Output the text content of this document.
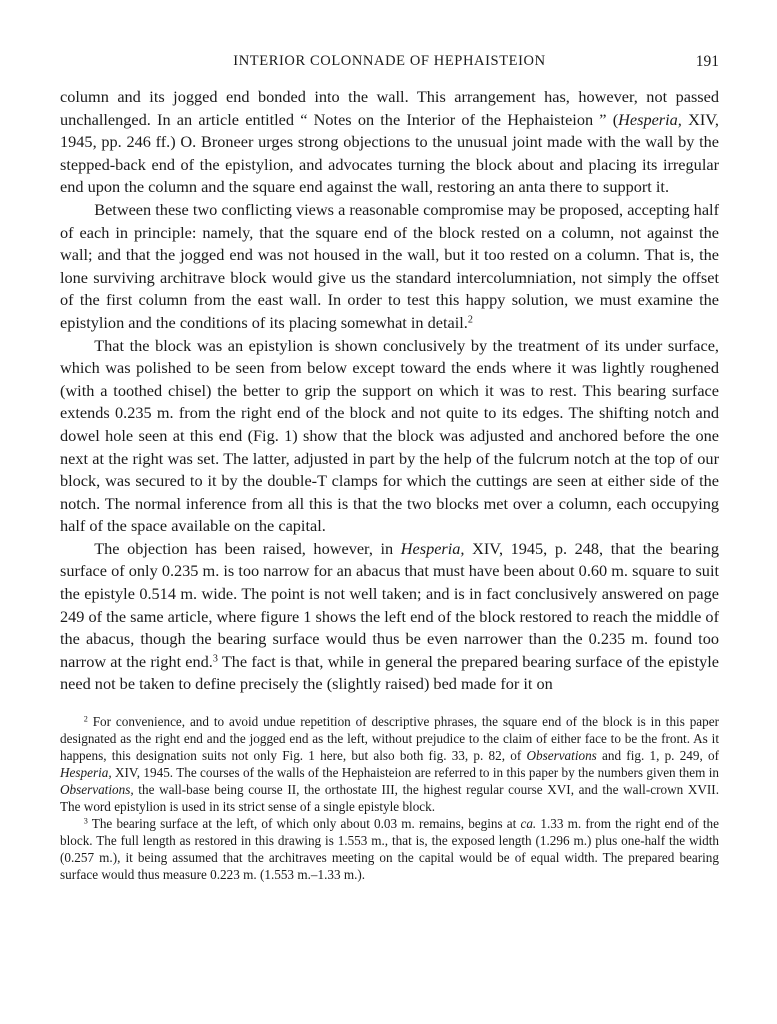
INTERIOR COLONNADE OF HEPHAISTEION	191

column and its jogged end bonded into the wall. This arrangement has, however, not passed unchallenged. In an article entitled “ Notes on the Interior of the Hephaisteion ” (Hesperia, XIV, 1945, pp. 246 ff.) O. Broneer urges strong objections to the unusual joint made with the wall by the stepped-back end of the epistylion, and advocates turning the block about and placing its irregular end upon the column and the square end against the wall, restoring an anta there to support it.

Between these two conflicting views a reasonable compromise may be proposed, accepting half of each in principle: namely, that the square end of the block rested on a column, not against the wall; and that the jogged end was not housed in the wall, but it too rested on a column. That is, the lone surviving architrave block would give us the standard intercolumniation, not simply the offset of the first column from the east wall. In order to test this happy solution, we must examine the epistylion and the conditions of its placing somewhat in detail.$^2$

That the block was an epistylion is shown conclusively by the treatment of its under surface, which was polished to be seen from below except toward the ends where it was lightly roughened (with a toothed chisel) the better to grip the support on which it was to rest. This bearing surface extends 0.235 m. from the right end of the block and not quite to its edges. The shifting notch and dowel hole seen at this end (Fig. 1) show that the block was adjusted and anchored before the one next at the right was set. The latter, adjusted in part by the help of the fulcrum notch at the top of our block, was secured to it by the double-T clamps for which the cuttings are seen at either side of the notch. The normal inference from all this is that the two blocks met over a column, each occupying half of the space available on the capital.

The objection has been raised, however, in Hesperia, XIV, 1945, p. 248, that the bearing surface of only 0.235 m. is too narrow for an abacus that must have been about 0.60 m. square to suit the epistyle 0.514 m. wide. The point is not well taken; and is in fact conclusively answered on page 249 of the same article, where figure 1 shows the left end of the block restored to reach the middle of the abacus, though the bearing surface would thus be even narrower than the 0.235 m. found too narrow at the right end.$^3$ The fact is that, while in general the prepared bearing surface of the epistyle need not be taken to define precisely the (slightly raised) bed made for it on

$^2$ For convenience, and to avoid undue repetition of descriptive phrases, the square end of the block is in this paper designated as the right end and the jogged end as the left, without prejudice to the claim of either face to be the front. As it happens, this designation suits not only Fig. 1 here, but also both fig. 33, p. 82, of Observations and fig. 1, p. 249, of Hesperia, XIV, 1945. The courses of the walls of the Hephaisteion are referred to in this paper by the numbers given them in Observations, the wall-base being course II, the orthostate III, the highest regular course XVI, and the wall-crown XVII. The word epistylion is used in its strict sense of a single epistyle block.

$^3$ The bearing surface at the left, of which only about 0.03 m. remains, begins at ca. 1.33 m. from the right end of the block. The full length as restored in this drawing is 1.553 m., that is, the exposed length (1.296 m.) plus one-half the width (0.257 m.), it being assumed that the architraves meeting on the capital would be of equal width. The prepared bearing surface would thus measure 0.223 m. (1.553 m.–1.33 m.).
